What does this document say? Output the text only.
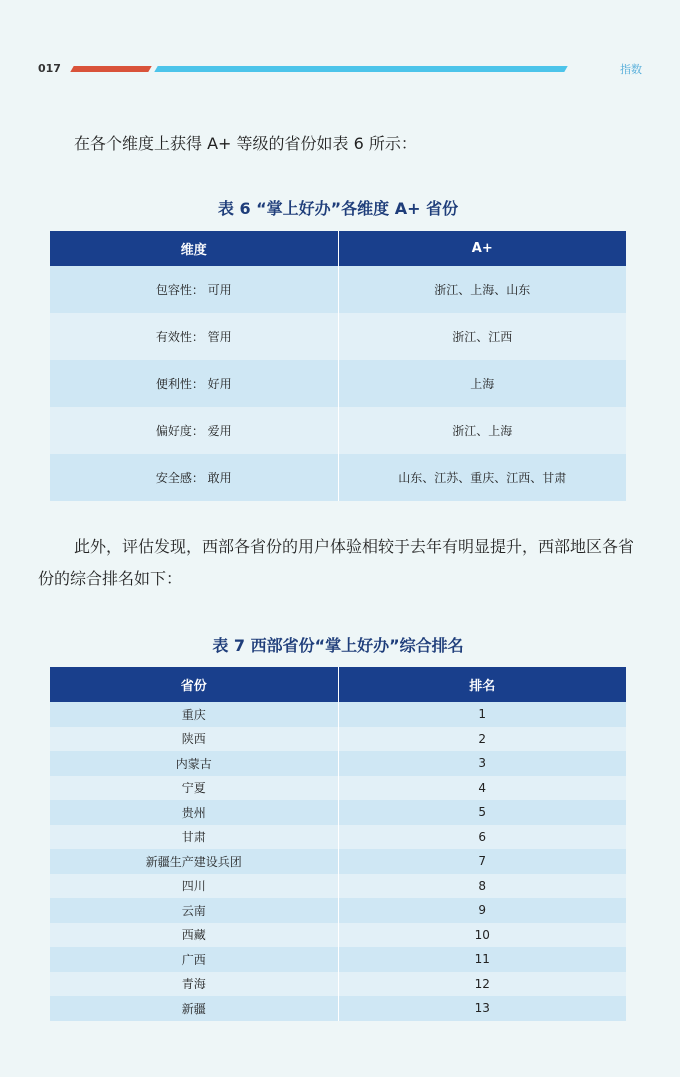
017	指数
在各个维度上获得 A+ 等级的省份如表 6 所示：
表 6 “掌上好办”各维度 A+ 省份
维度	A+
包容性： 可用	浙江、上海、山东
有效性： 管用	浙江、江西
便利性： 好用	上海
偏好度： 爱用	浙江、上海
安全感： 敢用	山东、江苏、重庆、江西、甘肃
此外，评估发现，西部各省份的用户体验相较于去年有明显提升，西部地区各省份的综合排名如下：
表 7 西部省份“掌上好办”综合排名
省份	排名
重庆	1
陕西	2
内蒙古	3
宁夏	4
贵州	5
甘肃	6
新疆生产建设兵团	7
四川	8
云南	9
西藏	10
广西	11
青海	12
新疆	13
